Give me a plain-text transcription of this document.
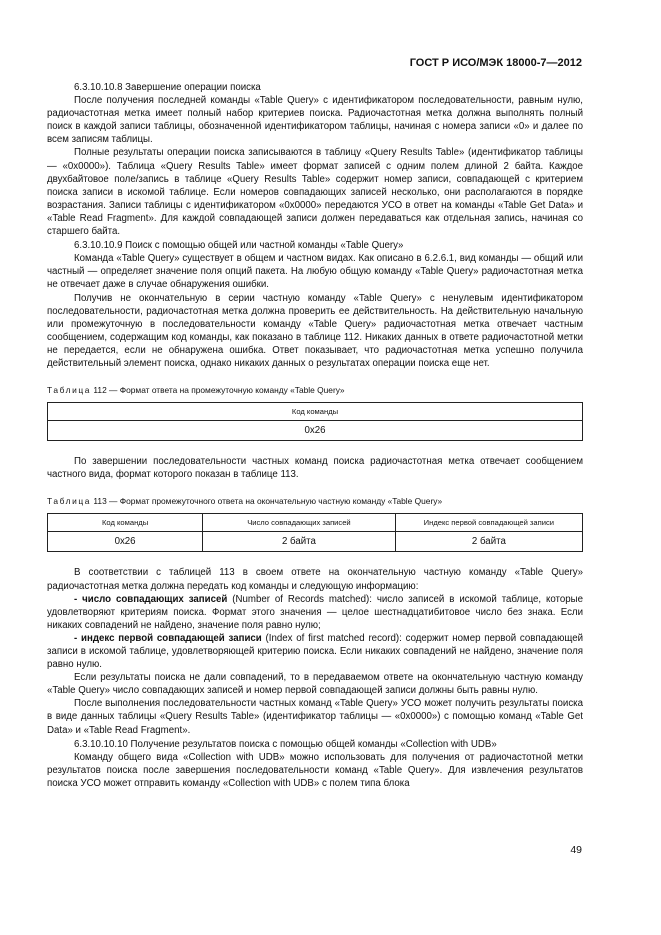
ГОСТ Р ИСО/МЭК 18000-7—2012

6.3.10.10.8 Завершение операции поиска

После получения последней команды «Table Query» с идентификатором последовательности, равным нулю, радиочастотная метка имеет полный набор критериев поиска. Радиочастотная метка должна выполнять полный поиск в каждой записи таблицы, обозначенной идентификатором таблицы, начиная с номера записи «0» и далее по всем записям таблицы.

Полные результаты операции поиска записываются в таблицу «Query Results Table» (идентификатор таблицы — «0x0000»). Таблица «Query Results Table» имеет формат записей с одним полем длиной 2 байта. Каждое двухбайтовое поле/запись в таблице «Query Results Table» содержит номер записи, совпадающей с критерием поиска записи в искомой таблице. Если номеров совпадающих записей несколько, они располагаются в порядке возрастания. Записи таблицы с идентификатором «0x0000» передаются УСО в ответ на команды «Table Get Data» и «Table Read Fragment». Для каждой совпадающей записи должен передаваться как отдельная запись, начиная со старшего байта.

6.3.10.10.9 Поиск с помощью общей или частной команды «Table Query»

Команда «Table Query» существует в общем и частном видах. Как описано в 6.2.6.1, вид команды — общий или частный — определяет значение поля опций пакета. На любую общую команду «Table Query» радиочастотная метка не отвечает даже в случае обнаружения ошибки.

Получив не окончательную в серии частную команду «Table Query» с ненулевым идентификатором последовательности, радиочастотная метка должна проверить ее действительность. На действительную начальную или промежуточную в последовательности команду «Table Query» радиочастотная метка отвечает частным сообщением, содержащим код команды, как показано в таблице 112. Никаких данных в ответе радиочастотной метки не передается, если не обнаружена ошибка. Ответ показывает, что радиочастотная метка успешно получила действительный элемент поиска, однако никаких данных о результатах операции поиска еще нет.

Таблица 112 — Формат ответа на промежуточную команду «Table Query»
Код команды
0x26

По завершении последовательности частных команд поиска радиочастотная метка отвечает сообщением частного вида, формат которого показан в таблице 113.

Таблица 113 — Формат промежуточного ответа на окончательную частную команду «Table Query»
Код команды	Число совпадающих записей	Индекс первой совпадающей записи
0x26	2 байта	2 байта

В соответствии с таблицей 113 в своем ответе на окончательную частную команду «Table Query» радиочастотная метка должна передать код команды и следующую информацию:

- число совпадающих записей (Number of Records matched): число записей в искомой таблице, которые удовлетворяют критериям поиска. Формат этого значения — целое шестнадцатибитовое число без знака. Если никаких совпадений не найдено, значение поля равно нулю;

- индекс первой совпадающей записи (Index of first matched record): содержит номер первой совпадающей записи в искомой таблице, удовлетворяющей критерию поиска. Если никаких совпадений не найдено, значение поля равно нулю.

Если результаты поиска не дали совпадений, то в передаваемом ответе на окончательную частную команду «Table Query» число совпадающих записей и номер первой совпадающей записи должны быть равны нулю.

После выполнения последовательности частных команд «Table Query» УСО может получить результаты поиска в виде данных таблицы «Query Results Table» (идентификатор таблицы — «0x0000») с помощью команд «Table Get Data» и «Table Read Fragment».

6.3.10.10.10 Получение результатов поиска с помощью общей команды «Collection with UDB»

Команду общего вида «Collection with UDB» можно использовать для получения от радиочастотной метки результатов поиска после завершения последовательности команд «Table Query». Для извлечения результатов поиска УСО может отправить команду «Collection with UDB» с полем типа блока

49
